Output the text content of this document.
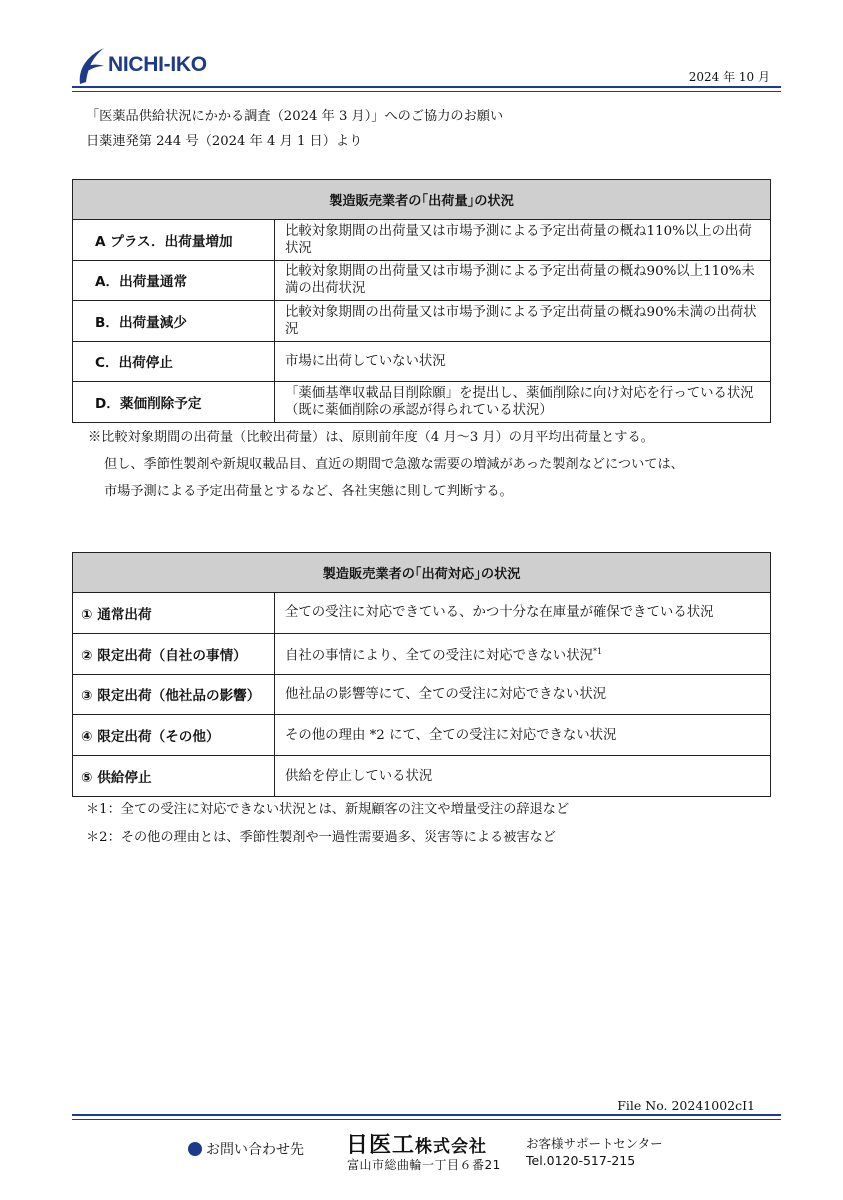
NICHI-IKO
2024 年 10 月
「医薬品供給状況にかかる調査（2024 年 3 月）」へのご協力のお願い
日薬連発第 244 号（2024 年 4 月 1 日）より
製造販売業者の｢出荷量｣の状況	
A プラス．出荷量増加	比較対象期間の出荷量又は市場予測による予定出荷量の概ね110%以上の出荷状況
A．出荷量通常	比較対象期間の出荷量又は市場予測による予定出荷量の概ね90%以上110%未満の出荷状況
B．出荷量減少	比較対象期間の出荷量又は市場予測による予定出荷量の概ね90%未満の出荷状況
C．出荷停止	市場に出荷していない状況
D．薬価削除予定	「薬価基準収載品目削除願」を提出し、薬価削除に向け対応を行っている状況（既に薬価削除の承認が得られている状況）
※比較対象期間の出荷量（比較出荷量）は、原則前年度（4 月～3 月）の月平均出荷量とする。
但し、季節性製剤や新規収載品目、直近の期間で急激な需要の増減があった製剤などについては、
市場予測による予定出荷量とするなど、各社実態に則して判断する。
製造販売業者の｢出荷対応｣の状況	
① 通常出荷	全ての受注に対応できている、かつ十分な在庫量が確保できている状況
② 限定出荷（自社の事情）	自社の事情により、全ての受注に対応できない状況$^{*1}$
③ 限定出荷（他社品の影響）	他社品の影響等にて、全ての受注に対応できない状況
④ 限定出荷（その他）	その他の理由 *2 にて、全ての受注に対応できない状況
⑤ 供給停止	供給を停止している状況
＊1：全ての受注に対応できない状況とは、新規顧客の注文や増量受注の辞退など
＊2：その他の理由とは、季節性製剤や一過性需要過多、災害等による被害など
File No. 20241002cI1
お問い合わせ先 日医工株式会社
富山市総曲輪一丁目６番21
お客様サポートセンター
Tel.0120-517-215
